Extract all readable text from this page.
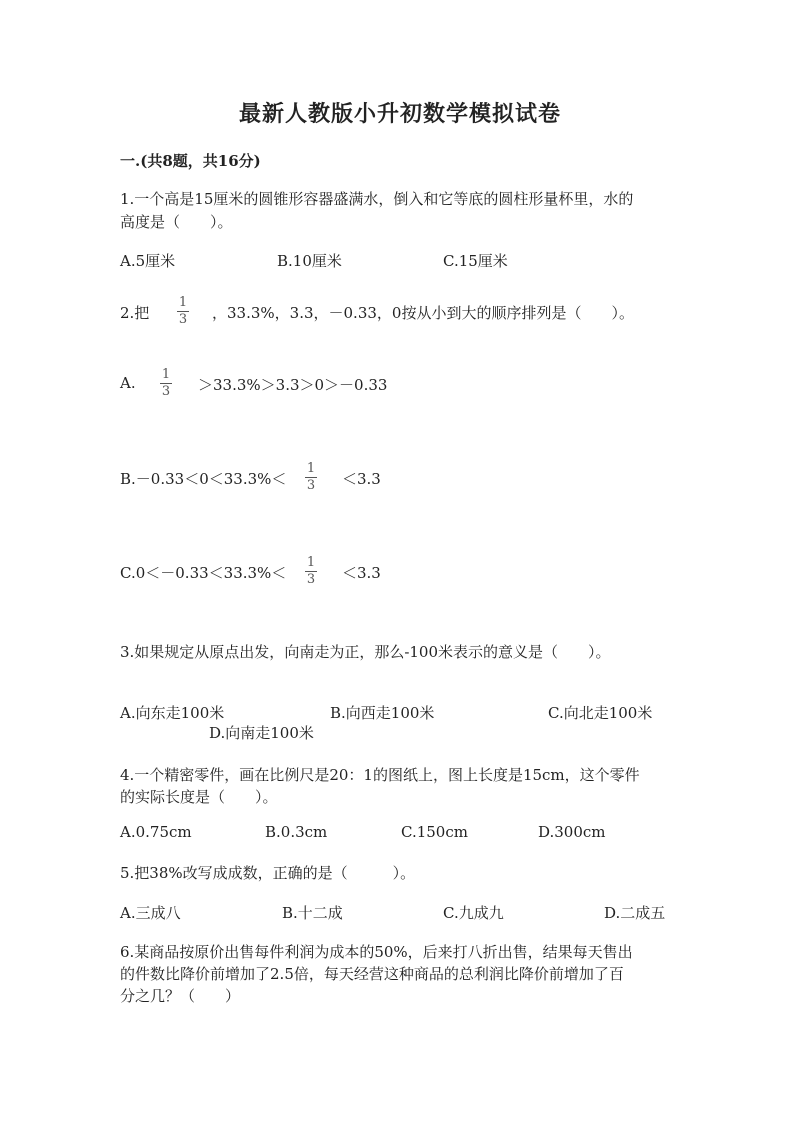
最新人教版小升初数学模拟试卷
一.(共8题，共16分)
1.一个高是15厘米的圆锥形容器盛满水，倒入和它等底的圆柱形量杯里，水的
高度是（　　）。
A.5厘米	B.10厘米	C.15厘米
2.把 $\frac{1}{3}$ ，33.3%，3.3，－0.33，0按从小到大的顺序排列是（　　）。
A. $\frac{1}{3} >33.3\%>3.3>0>-0.33$
$B.-0.33<0<33.3\%< \frac{1}{3} <3.3$
$C.0<-0.33<33.3\%< \frac{1}{3} <3.3$
3.如果规定从原点出发，向南走为正，那么-100米表示的意义是（　　）。
A.向东走100米	B.向西走100米	C.向北走100米
D.向南走100米
4.一个精密零件，画在比例尺是20：1的图纸上，图上长度是15cm，这个零件
的实际长度是（　　）。
A.0.75cm	B.0.3cm	C.150cm	D.300cm
5.把38%改写成成数，正确的是（　　　）。
A.三成八	B.十二成	C.九成九	D.二成五
6.某商品按原价出售每件利润为成本的50%，后来打八折出售，结果每天售出
的件数比降价前增加了2.5倍，每天经营这种商品的总利润比降价前增加了百
分之几？（　　）
